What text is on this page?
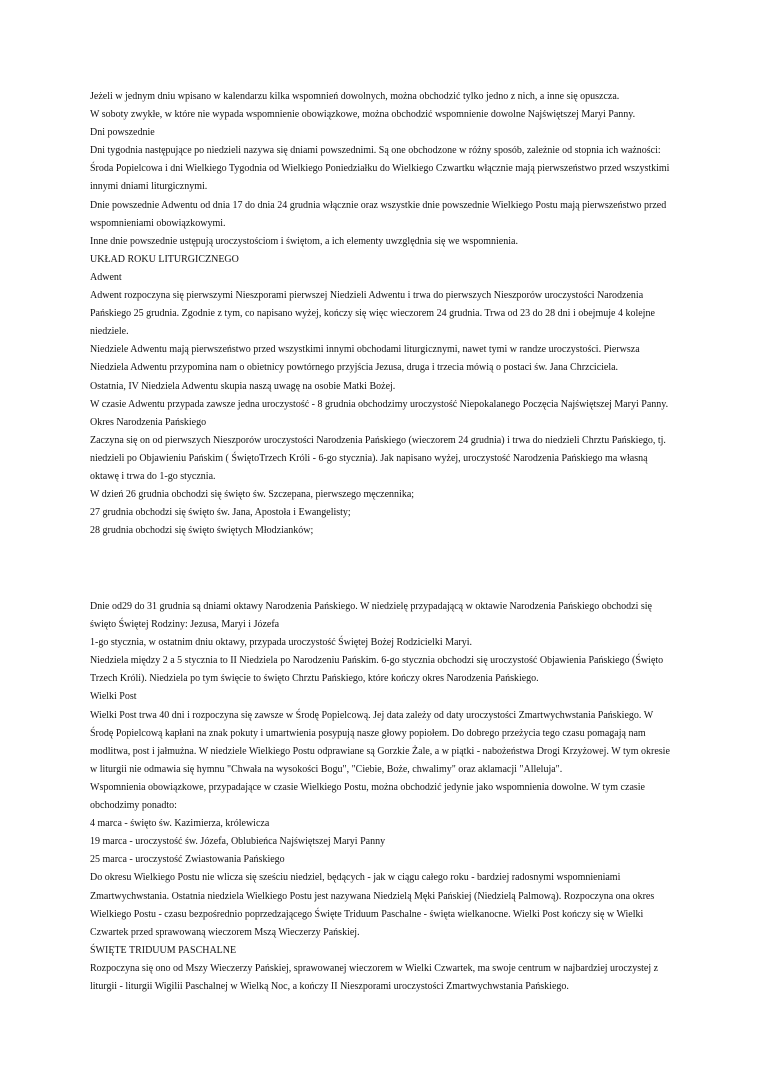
Jeżeli w jednym dniu wpisano w kalendarzu kilka wspomnień dowolnych, można obchodzić tylko jedno z nich, a inne się opuszcza.

W soboty zwykłe, w które nie wypada wspomnienie obowiązkowe, można obchodzić wspomnienie dowolne Najświętszej Maryi Panny.

Dni powszednie

Dni tygodnia następujące po niedzieli nazywa się dniami powszednimi. Są one obchodzone w różny sposób, zależnie od stopnia ich ważności:

Środa Popielcowa i dni Wielkiego Tygodnia od Wielkiego Poniedziałku do Wielkiego Czwartku włącznie mają pierwszeństwo przed wszystkimi innymi dniami liturgicznymi.

Dnie powszednie Adwentu od dnia 17 do dnia 24 grudnia włącznie oraz wszystkie dnie powszednie Wielkiego Postu mają pierwszeństwo przed wspomnieniami obowiązkowymi.

Inne dnie powszednie ustępują uroczystościom i świętom, a ich elementy uwzględnia się we wspomnienia.

UKŁAD ROKU LITURGICZNEGO

Adwent

Adwent rozpoczyna się pierwszymi Nieszporami pierwszej Niedzieli Adwentu i trwa do pierwszych Nieszporów uroczystości Narodzenia Pańskiego 25 grudnia. Zgodnie z tym, co napisano wyżej, kończy się więc wieczorem 24 grudnia. Trwa od 23 do 28 dni i obejmuje 4 kolejne niedziele.

Niedziele Adwentu mają pierwszeństwo przed wszystkimi innymi obchodami liturgicznymi, nawet tymi w randze uroczystości. Pierwsza Niedziela Adwentu przypomina nam o obietnicy powtórnego przyjścia Jezusa, druga i trzecia mówią o postaci św. Jana Chrzciciela.

Ostatnia, IV Niedziela Adwentu skupia naszą uwagę na osobie Matki Bożej.

W czasie Adwentu przypada zawsze jedna uroczystość - 8 grudnia obchodzimy uroczystość Niepokalanego Poczęcia Najświętszej Maryi Panny.

Okres Narodzenia Pańskiego

Zaczyna się on od pierwszych Nieszporów uroczystości Narodzenia Pańskiego (wieczorem 24 grudnia) i trwa do niedzieli Chrztu Pańskiego, tj. niedzieli po Objawieniu Pańskim ( ŚwiętoTrzech Króli - 6-go stycznia). Jak napisano wyżej, uroczystość Narodzenia Pańskiego ma własną oktawę i trwa do 1-go stycznia.

W dzień 26 grudnia obchodzi się święto św. Szczepana, pierwszego męczennika;

27 grudnia obchodzi się święto św. Jana, Apostoła i Ewangelisty;

28 grudnia obchodzi się święto świętych Młodzianków;

Dnie od29 do 31 grudnia są dniami oktawy Narodzenia Pańskiego. W niedzielę przypadającą w oktawie Narodzenia Pańskiego obchodzi się święto Świętej Rodziny: Jezusa, Maryi i Józefa

1-go stycznia, w ostatnim dniu oktawy, przypada uroczystość Świętej Bożej Rodzicielki Maryi.

Niedziela między 2 a 5 stycznia to II Niedziela po Narodzeniu Pańskim. 6-go stycznia obchodzi się uroczystość Objawienia Pańskiego (Święto Trzech Króli). Niedziela po tym święcie to święto Chrztu Pańskiego, które kończy okres Narodzenia Pańskiego.

Wielki Post

Wielki Post trwa 40 dni i rozpoczyna się zawsze w Środę Popielcową. Jej data zależy od daty uroczystości Zmartwychwstania Pańskiego. W Środę Popielcową kapłani na znak pokuty i umartwienia posypują nasze głowy popiołem. Do dobrego przeżycia tego czasu pomagają nam modlitwa, post i jałmużna. W niedziele Wielkiego Postu odprawiane są Gorzkie Żale, a w piątki - nabożeństwa Drogi Krzyżowej. W tym okresie w liturgii nie odmawia się hymnu "Chwała na wysokości Bogu", "Ciebie, Boże, chwalimy" oraz aklamacji "Alleluja".

Wspomnienia obowiązkowe, przypadające w czasie Wielkiego Postu, można obchodzić jedynie jako wspomnienia dowolne. W tym czasie obchodzimy ponadto:

4 marca - święto św. Kazimierza, królewicza

19 marca - uroczystość św. Józefa, Oblubieńca Najświętszej Maryi Panny

25 marca - uroczystość Zwiastowania Pańskiego

Do okresu Wielkiego Postu nie wlicza się sześciu niedziel, będących - jak w ciągu całego roku - bardziej radosnymi wspomnieniami Zmartwychwstania. Ostatnia niedziela Wielkiego Postu jest nazywana Niedzielą Męki Pańskiej (Niedzielą Palmową). Rozpoczyna ona okres Wielkiego Postu - czasu bezpośrednio poprzedzającego Święte Triduum Paschalne - święta wielkanocne. Wielki Post kończy się w Wielki Czwartek przed sprawowaną wieczorem Mszą Wieczerzy Pańskiej.

ŚWIĘTE TRIDUUM PASCHALNE

Rozpoczyna się ono od Mszy Wieczerzy Pańskiej, sprawowanej wieczorem w Wielki Czwartek, ma swoje centrum w najbardziej uroczystej z liturgii - liturgii Wigilii Paschalnej w Wielką Noc, a kończy II Nieszporami uroczystości Zmartwychwstania Pańskiego.
